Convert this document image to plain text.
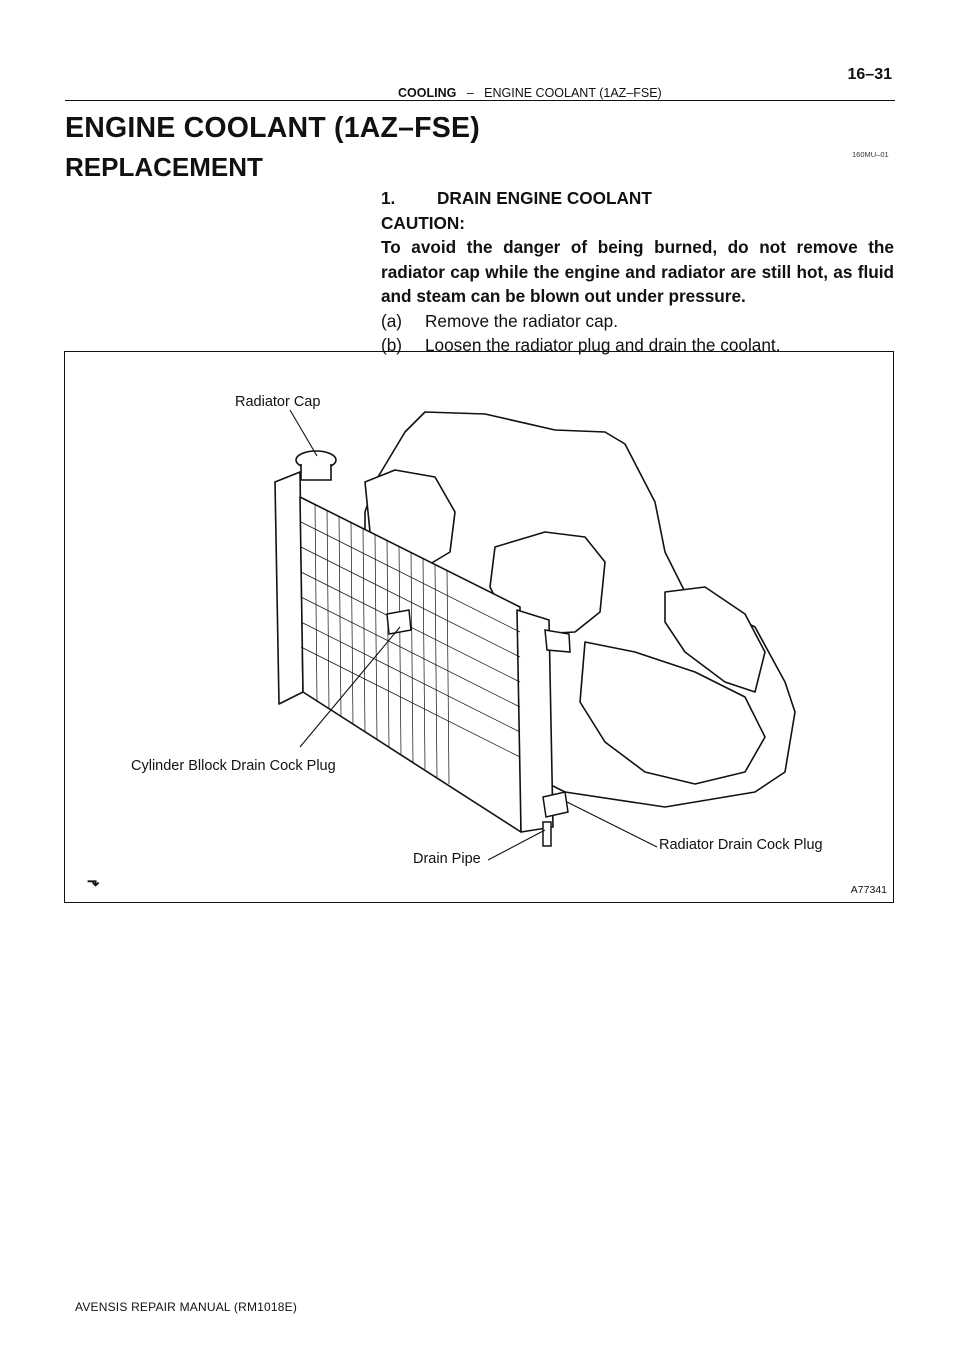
COOLING – ENGINE COOLANT (1AZ–FSE)
16–31
ENGINE COOLANT (1AZ–FSE)
160MU–01
REPLACEMENT
1. DRAIN ENGINE COOLANT
CAUTION:
To avoid the danger of being burned, do not remove the radiator cap while the engine and radiator are still hot, as fluid and steam can be blown out under pressure.
(a) Remove the radiator cap.
(b) Loosen the radiator plug and drain the coolant.
Radiator Cap
Cylinder Bllock Drain Cock Plug
Drain Pipe
Radiator Drain Cock Plug
⬎	A77341
AVENSIS REPAIR MANUAL (RM1018E)
